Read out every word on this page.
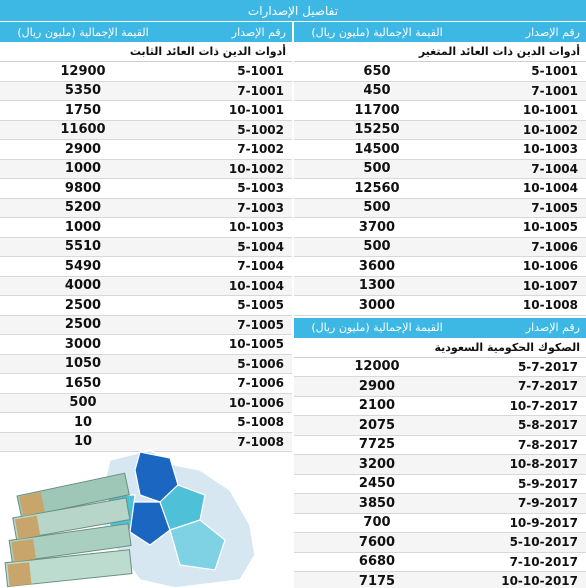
تفاصيل الإصدارات
رقم الإصدار
القيمة الإجمالية (مليون ريال)
أدوات الدين ذات العائد المتغير
5-1001
650
7-1001
450
10-1001
11700
10-1002
15250
10-1003
14500
7-1004
500
10-1004
12560
7-1005
500
10-1005
3700
7-1006
500
10-1006
3600
10-1007
1300
10-1008
3000
رقم الإصدار
القيمة الإجمالية (مليون ريال)
الصكوك الحكومية السعودية
5-7-2017
12000
7-7-2017
2900
10-7-2017
2100
5-8-2017
2075
7-8-2017
7725
10-8-2017
3200
5-9-2017
2450
7-9-2017
3850
10-9-2017
700
5-10-2017
7600
7-10-2017
6680
10-10-2017
7175
رقم الإصدار
القيمة الإجمالية (مليون ريال)
أدوات الدين ذات العائد الثابت
5-1001
12900
7-1001
5350
10-1001
1750
5-1002
11600
7-1002
2900
10-1002
1000
5-1003
9800
7-1003
5200
10-1003
1000
5-1004
5510
7-1004
5490
10-1004
4000
5-1005
2500
7-1005
2500
10-1005
3000
5-1006
1050
7-1006
1650
10-1006
500
5-1008
10
7-1008
10
